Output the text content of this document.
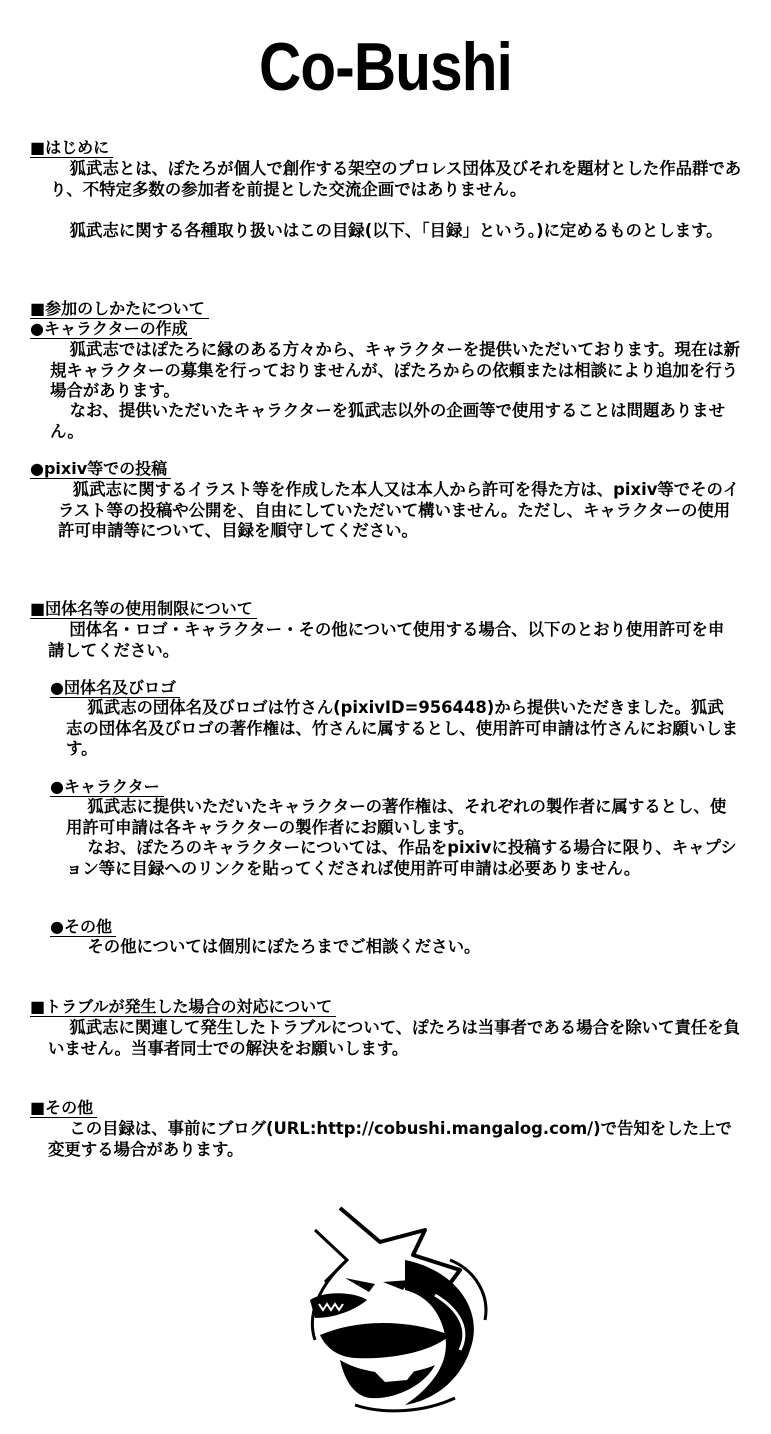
Co-Bushi
■はじめに

狐武志とは、ぽたろが個人で創作する架空のプロレス団体及びそれを題材とした作品群であり、不特定多数の参加者を前提とした交流企画ではありません。

狐武志に関する各種取り扱いはこの目録(以下、「目録」という。)に定めるものとします。

■参加のしかたについて
●キャラクターの作成

狐武志ではぽたろに縁のある方々から、キャラクターを提供いただいております。現在は新規キャラクターの募集を行っておりませんが、ぽたろからの依頼または相談により追加を行う場合があります。

なお、提供いただいたキャラクターを狐武志以外の企画等で使用することは問題ありません。

●pixiv等での投稿

狐武志に関するイラスト等を作成した本人又は本人から許可を得た方は、pixiv等でそのイラスト等の投稿や公開を、自由にしていただいて構いません。ただし、キャラクターの使用許可申請等について、目録を順守してください。

■団体名等の使用制限について

団体名・ロゴ・キャラクター・その他について使用する場合、以下のとおり使用許可を申請してください。

●団体名及びロゴ

狐武志の団体名及びロゴは竹さん(pixivID=956448)から提供いただきました。狐武志の団体名及びロゴの著作権は、竹さんに属するとし、使用許可申請は竹さんにお願いします。

●キャラクター

狐武志に提供いただいたキャラクターの著作権は、それぞれの製作者に属するとし、使用許可申請は各キャラクターの製作者にお願いします。

なお、ぽたろのキャラクターについては、作品をpixivに投稿する場合に限り、キャプション等に目録へのリンクを貼ってくだされば使用許可申請は必要ありません。

●その他

その他については個別にぽたろまでご相談ください。

■トラブルが発生した場合の対応について

狐武志に関連して発生したトラブルについて、ぽたろは当事者である場合を除いて責任を負いません。当事者同士での解決をお願いします。

■その他

この目録は、事前にブログ(URL:http://cobushi.mangalog.com/)で告知をした上で変更する場合があります。
